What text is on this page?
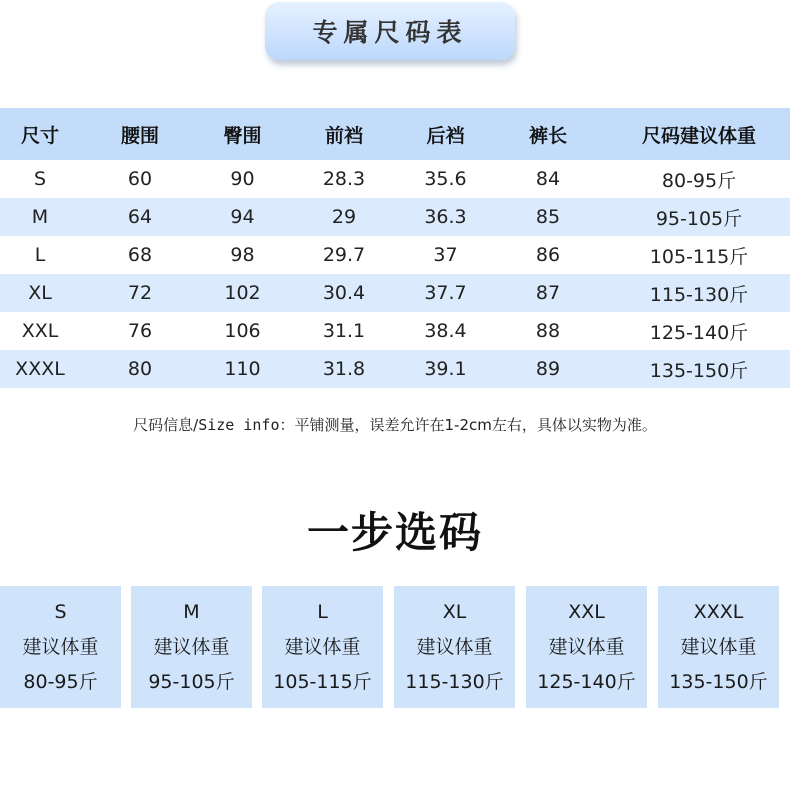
专属尺码表
尺寸	腰围	臀围	前裆	后裆	裤长	尺码建议体重
S	60	90	28.3	35.6	84	80-95斤
M	64	94	29	36.3	85	95-105斤
L	68	98	29.7	37	86	105-115斤
XL	72	102	30.4	37.7	87	115-130斤
XXL	76	106	31.1	38.4	88	125-140斤
XXXL	80	110	31.8	39.1	89	135-150斤
尺码信息/Size info：平铺测量，误差允许在1-2cm左右，具体以实物为准。
一步选码
S
建议体重
80-95斤
M
建议体重
95-105斤
L
建议体重
105-115斤
XL
建议体重
115-130斤
XXL
建议体重
125-140斤
XXXL
建议体重
135-150斤
